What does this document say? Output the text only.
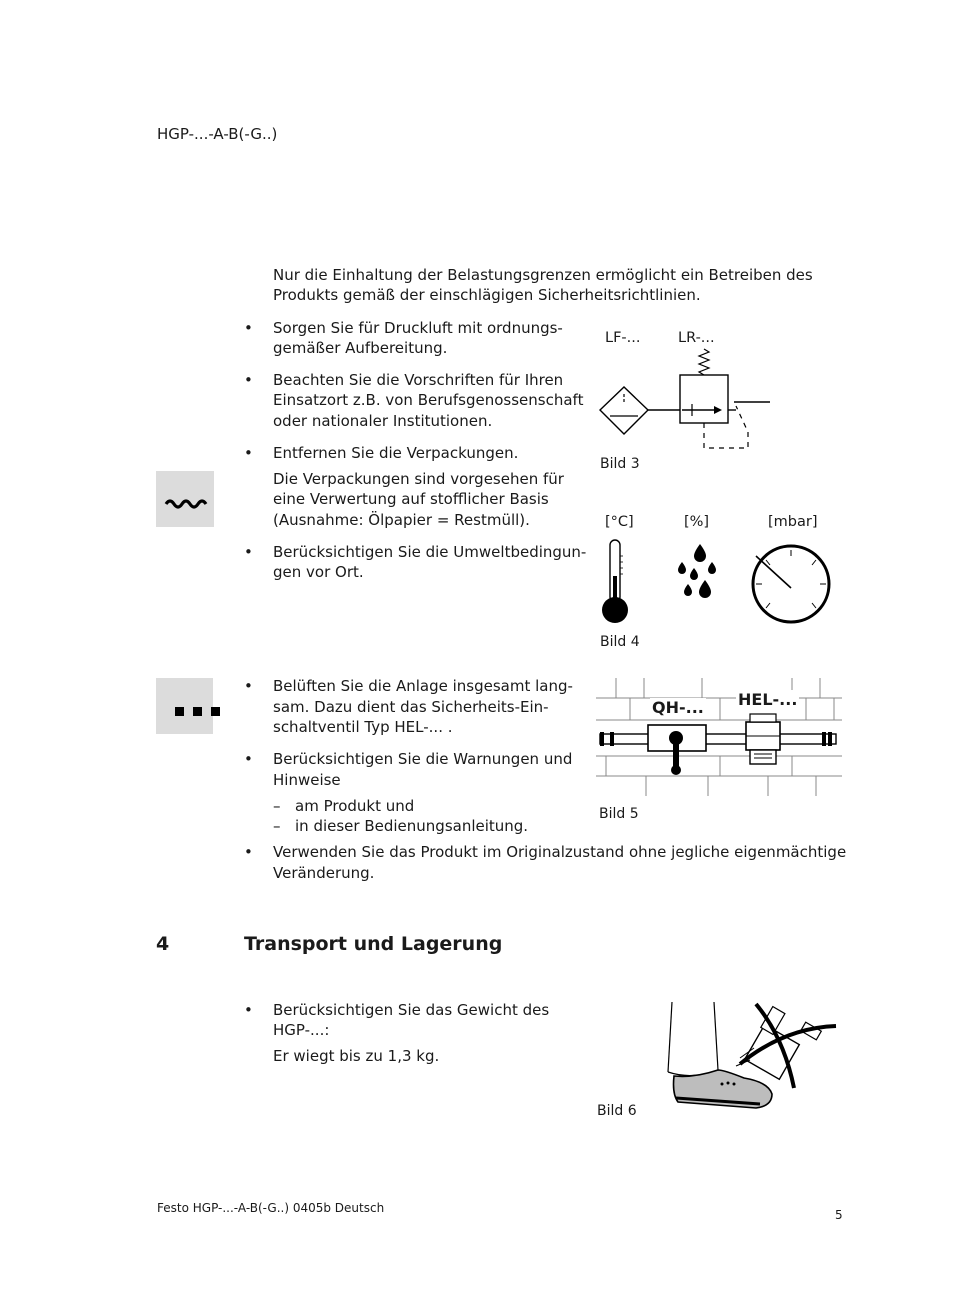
HGP-...-A-B(-G..)
Nur die Einhaltung der Belastungsgrenzen ermöglicht ein Betreiben des
Produkts gemäß der einschlägigen Sicherheitsrichtlinien.
• Sorgen Sie für Druckluft mit ordnungs-
gemäßer Aufbereitung.
• Beachten Sie die Vorschriften für Ihren
Einsatzort z.B. von Berufsgenossenschaft
oder nationaler Institutionen.
• Entfernen Sie die Verpackungen.
Die Verpackungen sind vorgesehen für
eine Verwertung auf stofflicher Basis
(Ausnahme: Ölpapier = Restmüll).
• Berücksichtigen Sie die Umweltbedingun-
gen vor Ort.
LF-...	LR-...
Bild 3
[°C]	[%]	[mbar]
Bild 4
• Belüften Sie die Anlage insgesamt lang-
sam. Dazu dient das Sicherheits-Ein-
schaltventil Typ HEL-... .
• Berücksichtigen Sie die Warnungen und
Hinweise
– am Produkt und
– in dieser Bedienungsanleitung.
QH-... HEL-...
Bild 5
• Verwenden Sie das Produkt im Originalzustand ohne jegliche eigenmächtige
Veränderung.
4	Transport und Lagerung
• Berücksichtigen Sie das Gewicht des
HGP-...:
Er wiegt bis zu 1,3 kg.
Bild 6
Festo HGP-...-A-B(-G..) 0405b Deutsch	5
